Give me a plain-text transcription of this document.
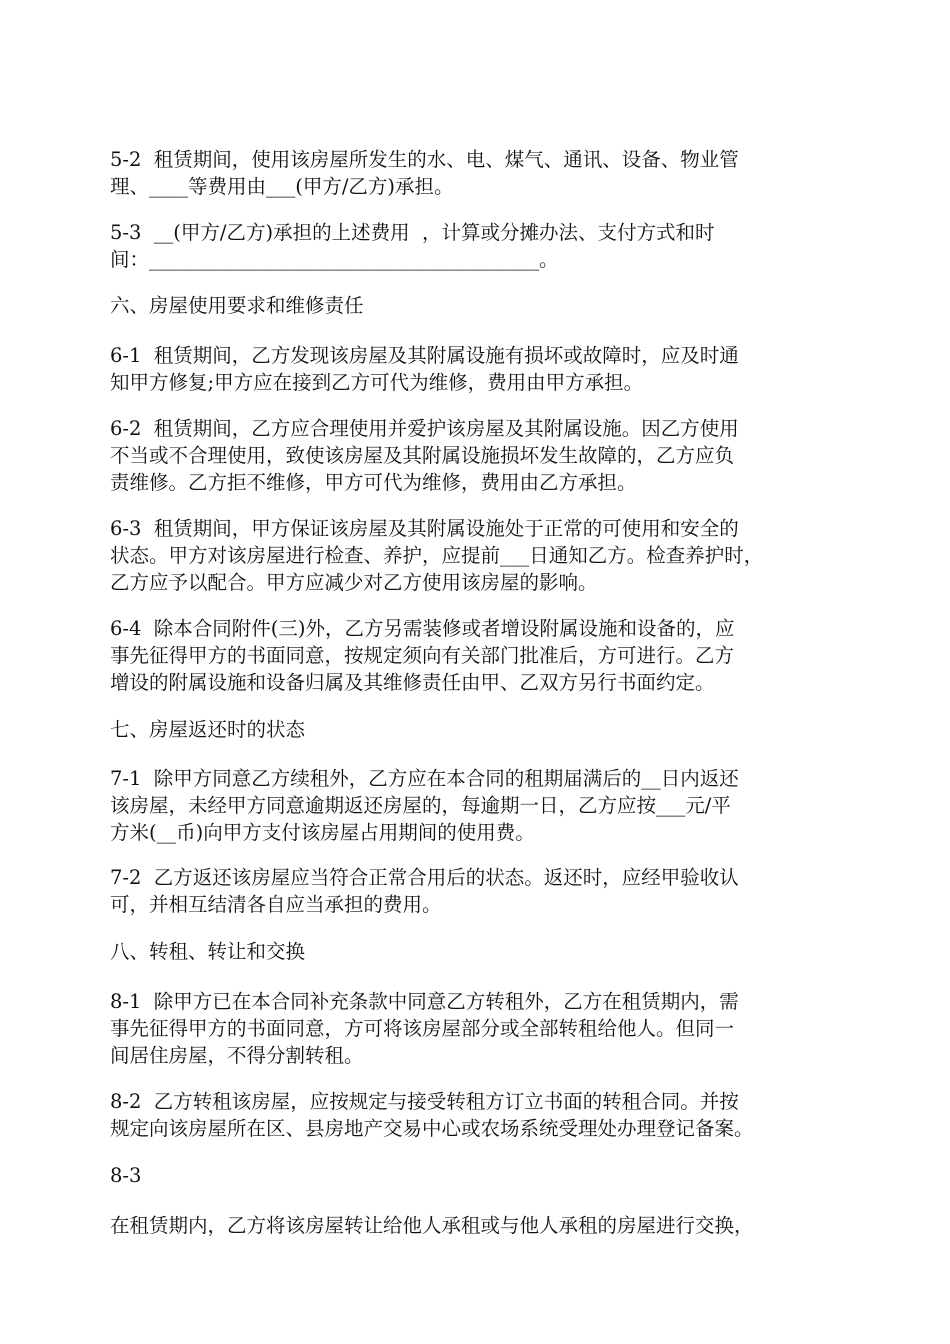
5-2  租赁期间，使用该房屋所发生的水、电、煤气、通讯、设备、物业管
理、____等费用由___(甲方/乙方)承担。
5-3  __(甲方/乙方)承担的上述费用  ，计算或分摊办法、支付方式和时
间：________________________________________。
六、房屋使用要求和维修责任
6-1  租赁期间，乙方发现该房屋及其附属设施有损坏或故障时，应及时通
知甲方修复;甲方应在接到乙方可代为维修，费用由甲方承担。
6-2  租赁期间，乙方应合理使用并爱护该房屋及其附属设施。因乙方使用
不当或不合理使用，致使该房屋及其附属设施损坏发生故障的，乙方应负
责维修。乙方拒不维修，甲方可代为维修，费用由乙方承担。
6-3  租赁期间，甲方保证该房屋及其附属设施处于正常的可使用和安全的
状态。甲方对该房屋进行检查、养护，应提前___日通知乙方。检查养护时，
乙方应予以配合。甲方应减少对乙方使用该房屋的影响。
6-4  除本合同附件(三)外，乙方另需装修或者增设附属设施和设备的，应
事先征得甲方的书面同意，按规定须向有关部门批准后，方可进行。乙方
增设的附属设施和设备归属及其维修责任由甲、乙双方另行书面约定。
七、房屋返还时的状态
7-1  除甲方同意乙方续租外，乙方应在本合同的租期届满后的__日内返还
该房屋，未经甲方同意逾期返还房屋的，每逾期一日，乙方应按___元/平
方米(__币)向甲方支付该房屋占用期间的使用费。
7-2  乙方返还该房屋应当符合正常合用后的状态。返还时，应经甲验收认
可，并相互结清各自应当承担的费用。
八、转租、转让和交换
8-1  除甲方已在本合同补充条款中同意乙方转租外，乙方在租赁期内，需
事先征得甲方的书面同意，方可将该房屋部分或全部转租给他人。但同一
间居住房屋，不得分割转租。
8-2  乙方转租该房屋，应按规定与接受转租方订立书面的转租合同。并按
规定向该房屋所在区、县房地产交易中心或农场系统受理处办理登记备案。
8-3
在租赁期内，乙方将该房屋转让给他人承租或与他人承租的房屋进行交换，
